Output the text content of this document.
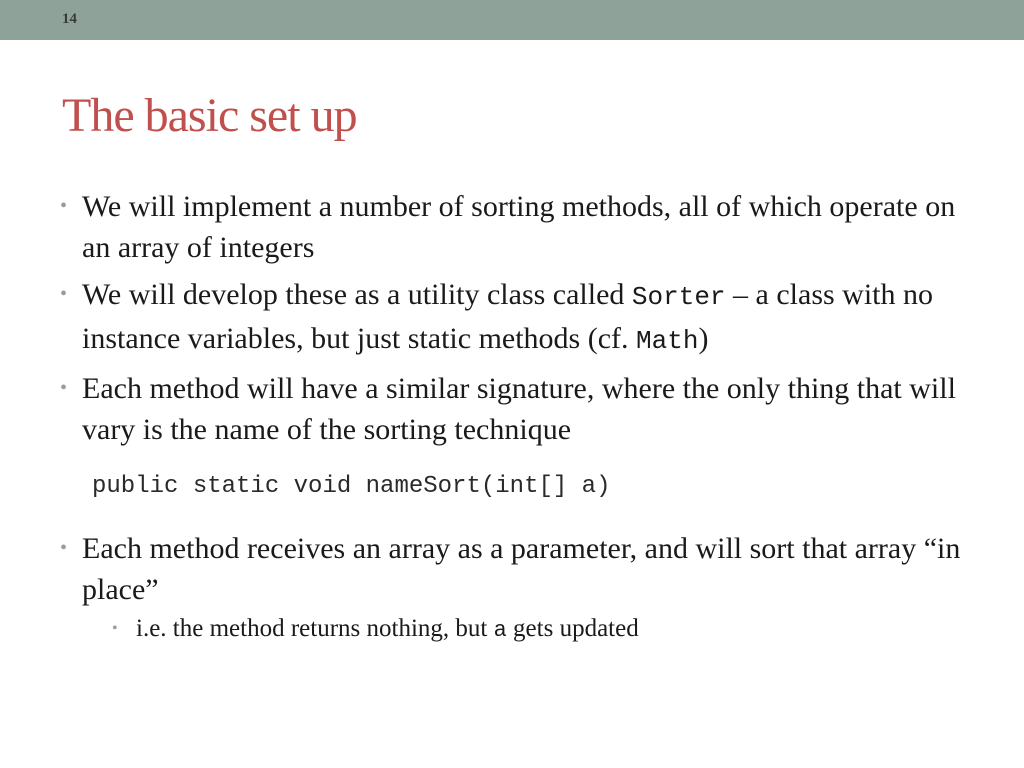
14
The basic set up
• We will implement a number of sorting methods, all of which operate on an array of integers
• We will develop these as a utility class called Sorter – a class with no instance variables, but just static methods (cf. Math)
• Each method will have a similar signature, where the only thing that will vary is the name of the sorting technique
public static void nameSort(int[] a)
• Each method receives an array as a parameter, and will sort that array “in place”
• i.e. the method returns nothing, but a gets updated
